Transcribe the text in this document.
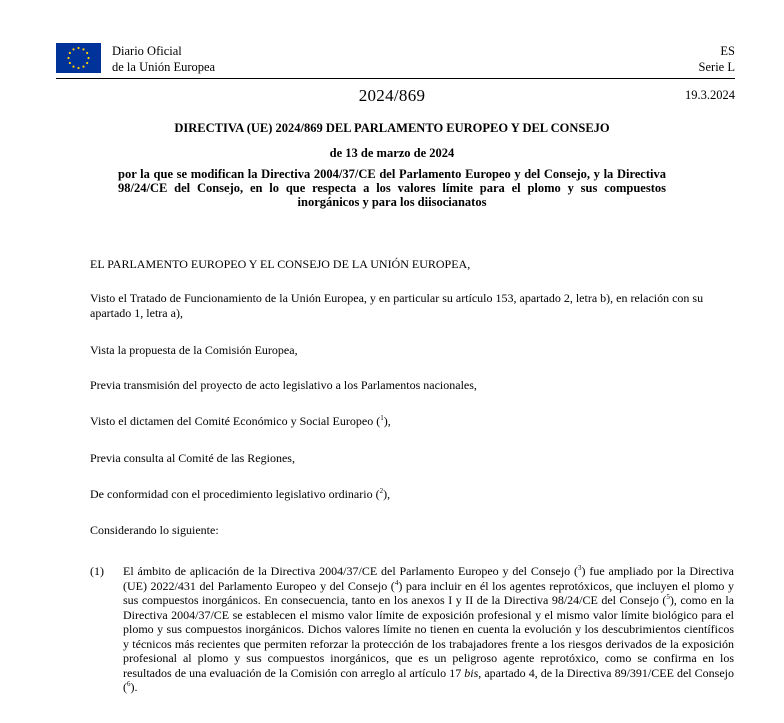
Diario Oficial
de la Unión Europea
ES
Serie L
2024/869	19.3.2024
DIRECTIVA (UE) 2024/869 DEL PARLAMENTO EUROPEO Y DEL CONSEJO
de 13 de marzo de 2024
por la que se modifican la Directiva 2004/37/CE del Parlamento Europeo y del Consejo, y la Directiva 98/24/CE del Consejo, en lo que respecta a los valores límite para el plomo y sus compuestos inorgánicos y para los diisocianatos
EL PARLAMENTO EUROPEO Y EL CONSEJO DE LA UNIÓN EUROPEA,
Visto el Tratado de Funcionamiento de la Unión Europea, y en particular su artículo 153, apartado 2, letra b), en relación con su apartado 1, letra a),
Vista la propuesta de la Comisión Europea,
Previa transmisión del proyecto de acto legislativo a los Parlamentos nacionales,
Visto el dictamen del Comité Económico y Social Europeo ($^1$),
Previa consulta al Comité de las Regiones,
De conformidad con el procedimiento legislativo ordinario ($^2$),
Considerando lo siguiente:
(1) El ámbito de aplicación de la Directiva 2004/37/CE del Parlamento Europeo y del Consejo ($^3$) fue ampliado por la Directiva (UE) 2022/431 del Parlamento Europeo y del Consejo ($^4$) para incluir en él los agentes reprotóxicos, que incluyen el plomo y sus compuestos inorgánicos. En consecuencia, tanto en los anexos I y II de la Directiva 98/24/CE del Consejo ($^5$), como en la Directiva 2004/37/CE se establecen el mismo valor límite de exposición profesional y el mismo valor límite biológico para el plomo y sus compuestos inorgánicos. Dichos valores límite no tienen en cuenta la evolución y los descubrimientos científicos y técnicos más recientes que permiten reforzar la protección de los trabajadores frente a los riesgos derivados de la exposición profesional al plomo y sus compuestos inorgánicos, que es un peligroso agente reprotóxico, como se confirma en los resultados de una evaluación de la Comisión con arreglo al artículo 17 bis, apartado 4, de la Directiva 89/391/CEE del Consejo ($^6$).
